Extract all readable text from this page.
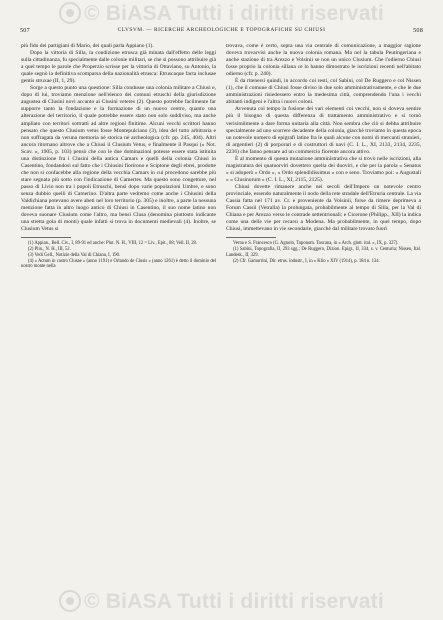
© BiASA Tutti i diritti riservati
507	CLVSVM. — RICERCHE ARCHEOLOGICHE E TOPOGRAFICHE SU CHIUSI	508

più fido dei partigiani di Mario, dei quali parla Appiano (1).

Dopo la vittoria di Silla, la condizione etrusca già minata dall'effetto delle leggi sulla cittadinanza, fu specialmente dalle colonie militari, se che si possono attribuire già a quel tempo le parole che Properzio scrisse per la vittoria di Ottaviano, su Antonio, la quale segnò la definitiva scomparsa della nazionalità etrusca: Etruscaque facta inclusae gentis struxae (II, 1, 29).

Sorge a questo punto una questione: Silla condusse una colonia militare a Chiusi e, dopo di lui, troviamo menzione nell'elenco dei comuni etruschi della giurisdizione augustea di Clusini novi accanto ai Clusini veteres (2). Questo potrebbe facilmente far supporre tanto la fondazione e la formazione di un nuovo centro, quanto una alterazione del territorio, il quale potrebbe essere stato non solo suddiviso, ma anche ampliato con territori sottratti ad altre regioni finitime. Alcuni vecchi scrittori hanno pensato che questo Clusium vetus fosse Montepulciano (3), idea del tutto arbitraria e non suffragata da veruna memoria nè storica nè archeologica (cfr. pp. 245, 404). Altri ancora ritornano altrove che a Chiusi il Clusium Vetus, e finalmente il Pasqui (« Not. Scav. », 1905, p. 103) pensò che con le due dominazioni potesse essere stata istituita una distinzione fra i Clusini della antica Camars e quelli della colonia Chiusi in Casentino, fondandosi sul fatto che i Chiusini fiorirono e Sciptone degli ebrei, prodotte che non si confacebbe alla regione della vecchia Camars in cui procedono sarebbe più stare segnata più sotto con l'indicazione di Camertes. Ma questo sono congetture, nel passo di Livio non tra i popoli Etruschi, bensì dopo varie popolazioni Umbre, e sono senza dubbio quelli di Camerino. D'altra parte vedremo come anche i Chiusini della Valdichiana potevano avere abeti nel loro territorio (p. 305) e inoltre, a parte la nessuna menzione fatta in altro luogo antico di Chiusi in Casentino, il suo nome latino non doveva suonare Clusium come l'altro, ma bensì Clusa (denomina piuttosto indicante una stretta gola di monti) quale infatti si trova in documenti medievali (4). Inoltre, se Clusium Vetus si

(1) Appian., Bell. Civ., I, 89-91 ed anche: Plut. N. H., VIII, 12 = Liv., Epit., 88; Vell. II, 28.

(2) Plin., N. H., III, 52.

(3) Vedi Gell., Notizie della Val di Chiana, I, 190.

(4) « Actum in castro Clusae » (anno 1191) e Orlando de Clusis » (anno 1261) è detto il dominio del nostro monte nella

trovava, come è certo, sopra una via centrale di comunicazione, a maggior ragione doveva trovarvisi anche la nuova colonia romana. Ma nel la tabula Peutingeriana e anche stazione di tra Arezzo e Volsinii se non un unico Clusium. Che l'odierno Chiusi fosse proprio la colonia sillana ce lo hanno dimostrato le iscrizioni recenti nell'abitato odierno (cfr. p. 240).

È da ritenersi quindi, in accordo coi resti, col Sabini, col De Ruggero e col Nissen (1), che il comune di Chiusi fosse diviso in due solo amministrativamente, e che le due amministrazioni risiedessero entro la medesima città, comprendendo l'una i vecchi abitanti indigeni e l'altra i nuovi coloni.

Avvenuta col tempo la fusione dei vari elementi coi vecchi, non si doveva sentire più il bisogno di questa differenza di trattamento amministrativo e si tornò verisimilmente a dare forma unitaria alla città. Non sembra che ciò si debba attribuire specialmente ad uno scorrere decadente della colonia, giacchè troviamo in questa epoca un notevole numero di epigrafi latine fra le quali alcune con nomi di mercanti stranieri, di argentieri (2) di porporari e di costruttori di navi (C. I. L., XI, 2133, 2134, 2235, 2236) che fanno pensare ad un commercio fiorente ancora attivo.

È al momento di questa mutazione amministrativa che si trovò nelle iscrizioni, alla magistratura dei quatuorviri dovettero quella dei duoviri, e che per la parola « Senatus » si adoperò « Ordo », « Ordo splendidissimus » con e seno. Troviamo poi: « Augustali » « Clusinorum » (C. I. L., XI, 2115, 2125).

Chiusi dovette rimanere anche nei secoli dell'Impero un notevole centro provinciale, essendo naturalmente il nodo della rete stradale dell'Etruria centrale. La via Cassia fatta nel 171 av. Cr. e proveniente da Volsinii, forse da rimere deprimeva a Forum Cassii (Vetralla) la prolungata, probabilmente al tempo di Silla, per la Val di Chiana e per Arezzo verso le contrade settentrionali; e Cicerone (Philipp., XII) la indica come una delle vie per recarsi a Modena. Ma probabilmente, in quel tempo, dopo Chiusi, immettevano in vie secondarie, giacchè dal militare trovato fuori

Verna e S. Francesco (G. Agnolo, Toponom. Toscana, in « Arch. glott. ital. », IX, p. 327).

(1) Sabini, Topografia, II, 293 sgg.; De Ruggero, Dizion. Epigr., II, 334, s. v. Centuria; Nissen, Ital. Landesk., II, 329.

(2) Cfr. Gamurrini, Dir. etrus. industr., I, in « Klio » XIV (1914), p. 184 n. 134.

© BiASA Tutti i diritti riservati
